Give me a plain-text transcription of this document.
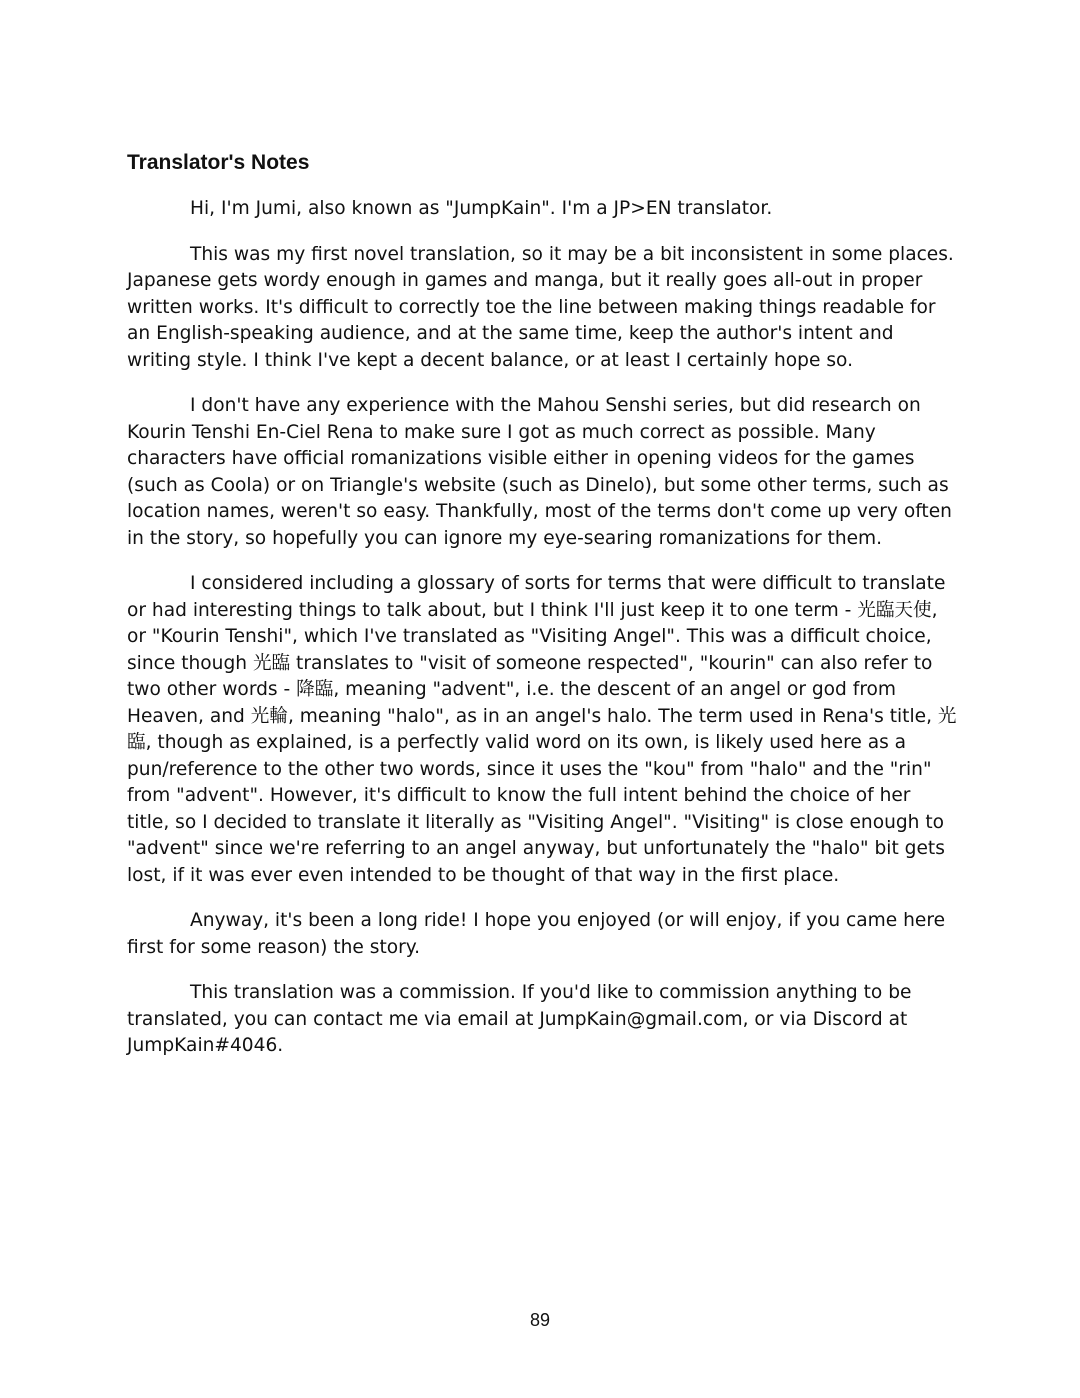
Translator's Notes

Hi, I'm Jumi, also known as "JumpKain". I'm a JP>EN translator.

This was my first novel translation, so it may be a bit inconsistent in some places. Japanese gets wordy enough in games and manga, but it really goes all-out in proper written works. It's difficult to correctly toe the line between making things readable for an English-speaking audience, and at the same time, keep the author's intent and writing style. I think I've kept a decent balance, or at least I certainly hope so.

I don't have any experience with the Mahou Senshi series, but did research on Kourin Tenshi En-Ciel Rena to make sure I got as much correct as possible. Many characters have official romanizations visible either in opening videos for the games (such as Coola) or on Triangle's website (such as Dinelo), but some other terms, such as location names, weren't so easy. Thankfully, most of the terms don't come up very often in the story, so hopefully you can ignore my eye-searing romanizations for them.

I considered including a glossary of sorts for terms that were difficult to translate or had interesting things to talk about, but I think I'll just keep it to one term - 光臨天使, or "Kourin Tenshi", which I've translated as "Visiting Angel". This was a difficult choice, since though 光臨 translates to "visit of someone respected", "kourin" can also refer to two other words - 降臨, meaning "advent", i.e. the descent of an angel or god from Heaven, and 光輪, meaning "halo", as in an angel's halo. The term used in Rena's title, 光臨, though as explained, is a perfectly valid word on its own, is likely used here as a pun/reference to the other two words, since it uses the "kou" from "halo" and the "rin" from "advent". However, it's difficult to know the full intent behind the choice of her title, so I decided to translate it literally as "Visiting Angel". "Visiting" is close enough to "advent" since we're referring to an angel anyway, but unfortunately the "halo" bit gets lost, if it was ever even intended to be thought of that way in the first place.

Anyway, it's been a long ride! I hope you enjoyed (or will enjoy, if you came here first for some reason) the story.

This translation was a commission. If you'd like to commission anything to be translated, you can contact me via email at JumpKain@gmail.com, or via Discord at JumpKain#4046.

89
